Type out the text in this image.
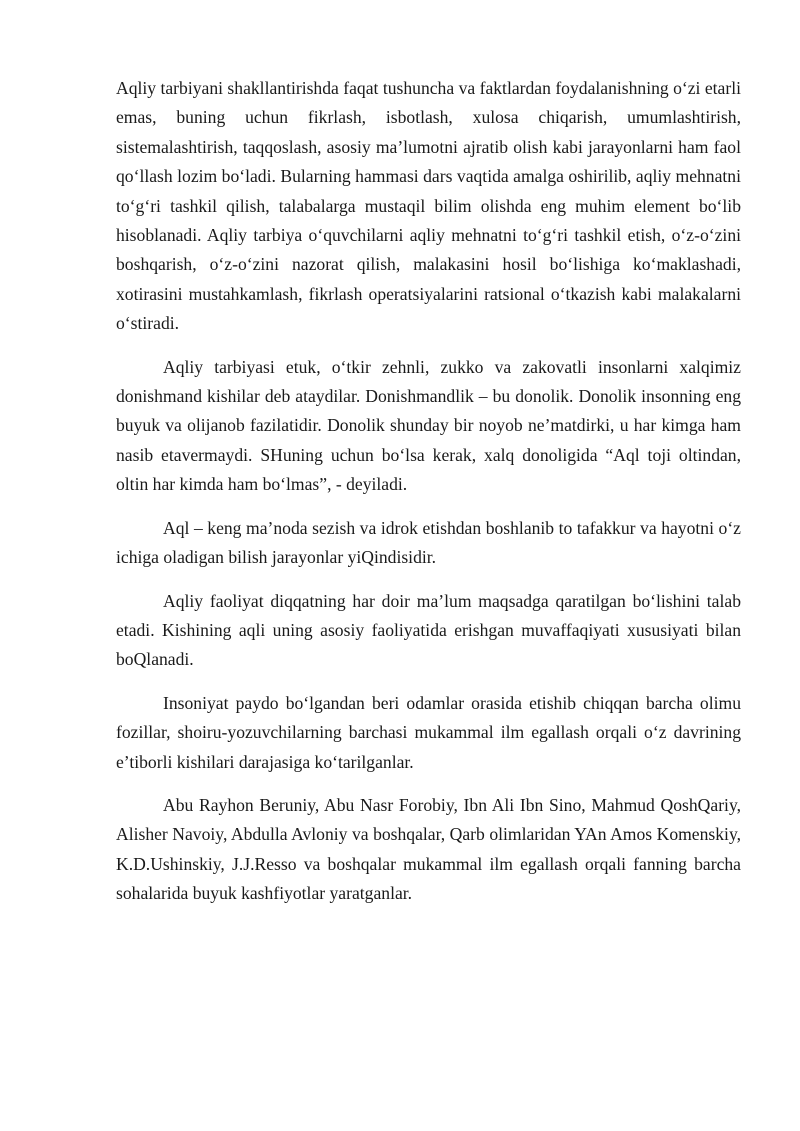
Aqliy tarbiyani shakllantirishda faqat tushuncha va faktlardan foydalanishning o‘zi etarli emas, buning uchun fikrlash, isbotlash, xulosa chiqarish, umumlashtirish, sistemalashtirish, taqqoslash, asosiy ma’lumotni ajratib olish kabi jarayonlarni ham faol qo‘llash lozim bo‘ladi. Bularning hammasi dars vaqtida amalga oshirilib, aqliy mehnatni to‘g‘ri tashkil qilish, talabalarga mustaqil bilim olishda eng muhim element bo‘lib hisoblanadi. Aqliy tarbiya o‘quvchilarni aqliy mehnatni to‘g‘ri tashkil etish, o‘z-o‘zini boshqarish, o‘z-o‘zini nazorat qilish, malakasini hosil bo‘lishiga ko‘maklashadi, xotirasini mustahkamlash, fikrlash operatsiyalarini ratsional o‘tkazish kabi malakalarni o‘stiradi.

Aqliy tarbiyasi etuk, o‘tkir zehnli, zukko va zakovatli insonlarni xalqimiz donishmand kishilar deb ataydilar. Donishmandlik – bu donolik. Donolik insonning eng buyuk va olijanob fazilatidir. Donolik shunday bir noyob ne’matdirki, u har kimga ham nasib etavermaydi. SHuning uchun bo‘lsa kerak, xalq donoligida “Aql toji oltindan, oltin har kimda ham bo‘lmas”, - deyiladi.

Aql – keng ma’noda sezish va idrok etishdan boshlanib to tafakkur va hayotni o‘z ichiga oladigan bilish jarayonlar yiQindisidir.

Aqliy faoliyat diqqatning har doir ma’lum maqsadga qaratilgan bo‘lishini talab etadi. Kishining aqli uning asosiy faoliyatida erishgan muvaffaqiyati xususiyati bilan boQlanadi.

Insoniyat paydo bo‘lgandan beri odamlar orasida etishib chiqqan barcha olimu fozillar, shoiru-yozuvchilarning barchasi mukammal ilm egallash orqali o‘z davrining e’tiborli kishilari darajasiga ko‘tarilganlar.

Abu Rayhon Beruniy, Abu Nasr Forobiy, Ibn Ali Ibn Sino, Mahmud QoshQariy, Alisher Navoiy, Abdulla Avloniy va boshqalar, Qarb olimlaridan YAn Amos Komenskiy, K.D.Ushinskiy, J.J.Resso va boshqalar mukammal ilm egallash orqali fanning barcha sohalarida buyuk kashfiyotlar yaratganlar.
